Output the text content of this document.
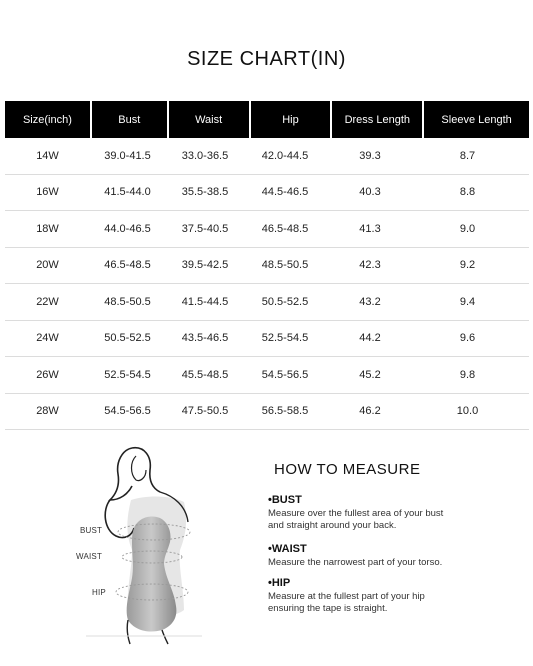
SIZE CHART(IN)
Size(inch)	Bust	Waist	Hip	Dress Length	Sleeve Length
14W	39.0-41.5	33.0-36.5	42.0-44.5	39.3	8.7
16W	41.5-44.0	35.5-38.5	44.5-46.5	40.3	8.8
18W	44.0-46.5	37.5-40.5	46.5-48.5	41.3	9.0
20W	46.5-48.5	39.5-42.5	48.5-50.5	42.3	9.2
22W	48.5-50.5	41.5-44.5	50.5-52.5	43.2	9.4
24W	50.5-52.5	43.5-46.5	52.5-54.5	44.2	9.6
26W	52.5-54.5	45.5-48.5	54.5-56.5	45.2	9.8
28W	54.5-56.5	47.5-50.5	56.5-58.5	46.2	10.0
BUST
WAIST
HIP
HOW TO MEASURE
•BUST
Measure over the fullest area of your bust
and straight around your back.
•WAIST
Measure the narrowest part of your torso.
•HIP
Measure at the fullest part of your hip
ensuring the tape is straight.
